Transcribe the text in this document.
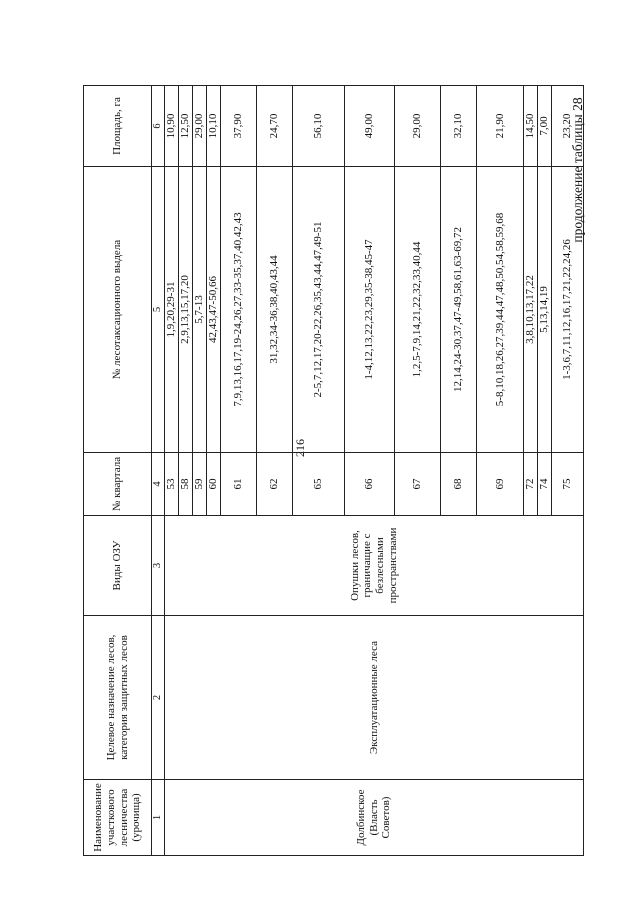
216
продолжение таблицы 28
Наименование участкового лесничества (урочища)	Целевое назначение лесов, категория защитных лесов	Виды ОЗУ	№ квартала	№ лесотаксационного выдела	Площадь, га
1	2	3	4	5	6
Долбинское (Власть Советов)	Эксплуатационные леса	Опушки лесов, граничащие с безлесными пространствами	53	1,9,20,29-31	10,90
			58	2,9,13,15,17,20	12,50
			59	5,7-13	29,00
			60	42,43,47-50,66	10,10
			61	7,9,13,16,17,19-24,26,27,33-35,37,40,42,43	37,90
			62	31,32,34-36,38,40,43,44	24,70
			65	2-5,7,12,17,20-22,26,35,43,44,47,49-51	56,10
			66	1-4,12,13,22,23,29,35-38,45-47	49,00
			67	1,2,5-7,9,14,21,22,32,33,40,44	29,00
			68	12,14,24-30,37,47-49,58,61,63-69,72	32,10
			69	5-8,10,18,26,27,39,44,47,48,50,54,58,59,68	21,90
			72	3,8,10,13,17,22	14,50
			74	5,13,14,19	7,00
			75	1-3,6,7,11,12,16,17,21,22,24,26	23,20
